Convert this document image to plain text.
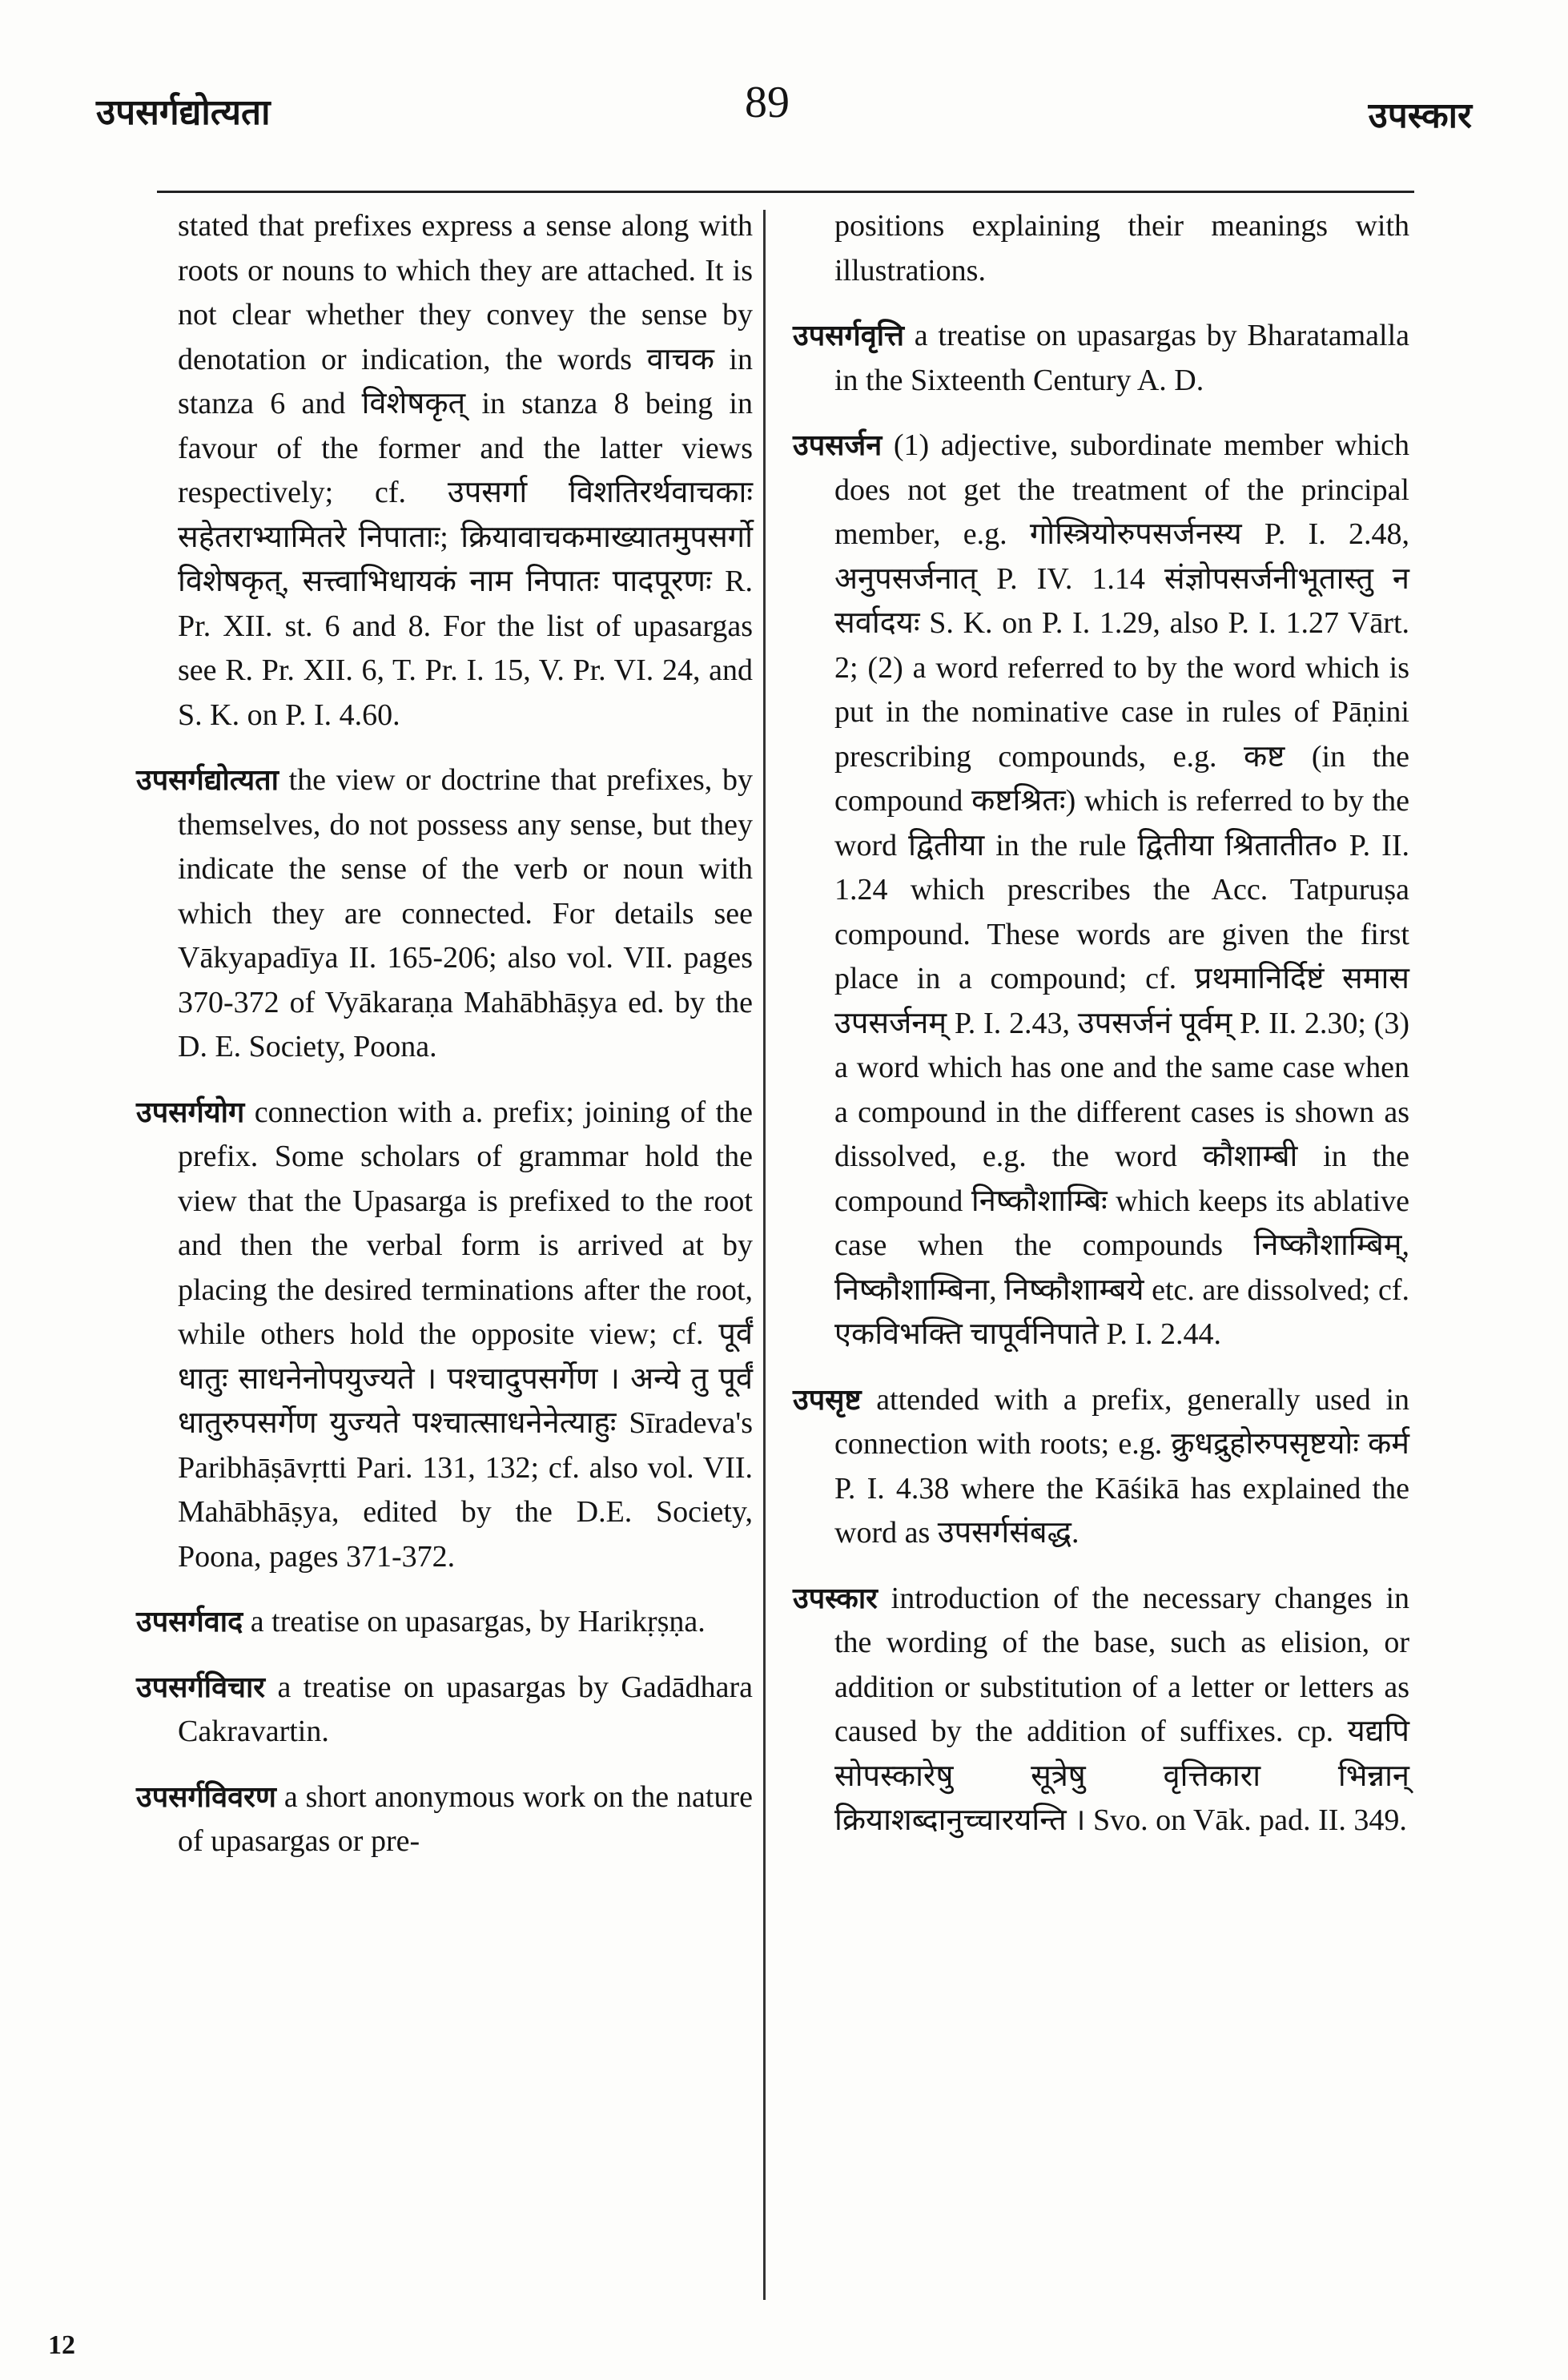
उपसर्गद्योत्यता	89	उपस्कार

stated that prefixes express a sense along with roots or nouns to which they are attached. It is not clear whether they convey the sense by denotation or indication, the words वाचक in stanza 6 and विशेषकृत् in stanza 8 being in favour of the former and the latter views respectively; cf. उपसर्गा विशतिरर्थवाचकाः सहेतराभ्यामितरे निपाताः; क्रियावाचकमाख्यातमुपसर्गो विशेषकृत्, सत्त्वाभिधायकं नाम निपातः पादपूरणः R. Pr. XII. st. 6 and 8. For the list of upasargas see R. Pr. XII. 6, T. Pr. I. 15, V. Pr. VI. 24, and S. K. on P. I. 4.60.

उपसर्गद्योत्यता the view or doctrine that prefixes, by themselves, do not possess any sense, but they indicate the sense of the verb or noun with which they are connected. For details see Vākyapadīya II. 165-206; also vol. VII. pages 370-372 of Vyākaraṇa Mahābhāṣya ed. by the D. E. Society, Poona.

उपसर्गयोग connection with a. prefix; joining of the prefix. Some scholars of grammar hold the view that the Upasarga is prefixed to the root and then the verbal form is arrived at by placing the desired terminations after the root, while others hold the opposite view; cf. पूर्वं धातुः साधनेनोपयुज्यते । पश्चादुपसर्गेण । अन्ये तु पूर्वं धातुरुपसर्गेण युज्यते पश्चात्साधनेनेत्याहुः Sīradeva's Paribhāṣāvṛtti Pari. 131, 132; cf. also vol. VII. Mahābhāṣya, edited by the D.E. Society, Poona, pages 371-372.

उपसर्गवाद a treatise on upasargas, by Harikṛṣṇa.

उपसर्गविचार a treatise on upasargas by Gadādhara Cakravartin.

उपसर्गविवरण a short anonymous work on the nature of upasargas or pre-

positions explaining their meanings with illustrations.

उपसर्गवृत्ति a treatise on upasargas by Bharatamalla in the Sixteenth Century A. D.

उपसर्जन (1) adjective, subordinate member which does not get the treatment of the principal member, e.g. गोस्त्रियोरुपसर्जनस्य P. I. 2.48, अनुपसर्जनात् P. IV. 1.14 संज्ञोपसर्जनीभूतास्तु न सर्वादयः S. K. on P. I. 1.29, also P. I. 1.27 Vārt. 2; (2) a word referred to by the word which is put in the nominative case in rules of Pāṇini prescribing compounds, e.g. कष्ट (in the compound कष्टश्रितः) which is referred to by the word द्वितीया in the rule द्वितीया श्रितातीत० P. II. 1.24 which prescribes the Acc. Tatpuruṣa compound. These words are given the first place in a compound; cf. प्रथमानिर्दिष्टं समास उपसर्जनम् P. I. 2.43, उपसर्जनं पूर्वम् P. II. 2.30; (3) a word which has one and the same case when a compound in the different cases is shown as dissolved, e.g. the word कौशाम्बी in the compound निष्कौशाम्बिः which keeps its ablative case when the compounds निष्कौशाम्बिम्, निष्कौशाम्बिना, निष्कौशाम्बये etc. are dissolved; cf. एकविभक्ति चापूर्वनिपाते P. I. 2.44.

उपसृष्ट attended with a prefix, generally used in connection with roots; e.g. क्रुधद्रुहोरुपसृष्टयोः कर्म P. I. 4.38 where the Kāśikā has explained the word as उपसर्गसंबद्ध.

उपस्कार introduction of the necessary changes in the wording of the base, such as elision, or addition or substitution of a letter or letters as caused by the addition of suffixes. cp. यद्यपि सोपस्कारेषु सूत्रेषु वृत्तिकारा भिन्नान् क्रियाशब्दानुच्चारयन्ति । Svo. on Vāk. pad. II. 349.

12
